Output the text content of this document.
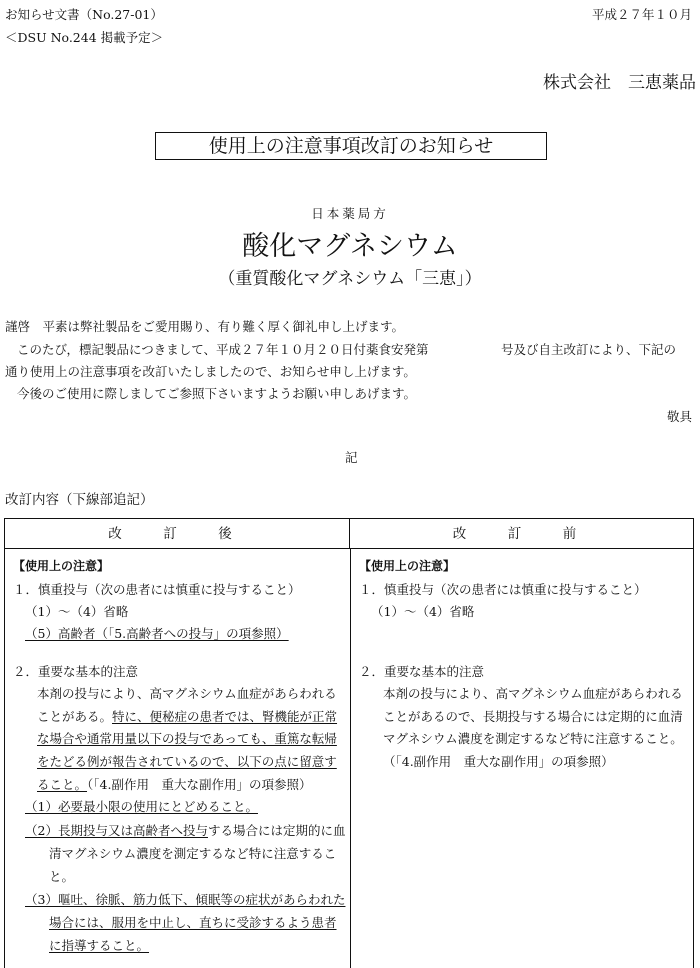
平成２７年１０月
お知らせ文書（No.27-01）
＜DSU No.244 掲載予定＞
株式会社　三恵薬品
使用上の注意事項改訂のお知らせ
日本薬局方
酸化マグネシウム
（重質酸化マグネシウム「三恵」）
謹啓　平素は弊社製品をご愛用賜り、有り難く厚く御礼申し上げます。
このたび，標記製品につきまして、平成２７年１０月２０日付薬食安発第	号及び自主改訂により、下記の
通り使用上の注意事項を改訂いたしましたので、お知らせ申し上げます。
今後のご使用に際しましてご参照下さいますようお願い申しあげます。
敬具
記
改訂内容（下線部追記）
改　訂　後	改　訂　前
【使用上の注意】
１．慎重投与（次の患者には慎重に投与すること）
（1）～（4）省略
（5）高齢者（「5.高齢者への投与」の項参照）
２．重要な基本的注意
本剤の投与により、高マグネシウム血症があらわれる
ことがある。特に、便秘症の患者では、腎機能が正常
な場合や通常用量以下の投与であっても、重篤な転帰
をたどる例が報告されているので、以下の点に留意す
ること。（「4.副作用　重大な副作用」の項参照）
（1）必要最小限の使用にとどめること。
（2）長期投与又は高齢者へ投与する場合には定期的に血
清マグネシウム濃度を測定するなど特に注意するこ
と。
（3）嘔吐、徐脈、筋力低下、傾眠等の症状があらわれた
場合には、服用を中止し、直ちに受診するよう患者
に指導すること。
【使用上の注意】
１．慎重投与（次の患者には慎重に投与すること）
（1）～（4）省略
２．重要な基本的注意
本剤の投与により、高マグネシウム血症があらわれる
ことがあるので、長期投与する場合には定期的に血清
マグネシウム濃度を測定するなど特に注意すること。
（「4.副作用　重大な副作用」の項参照）
